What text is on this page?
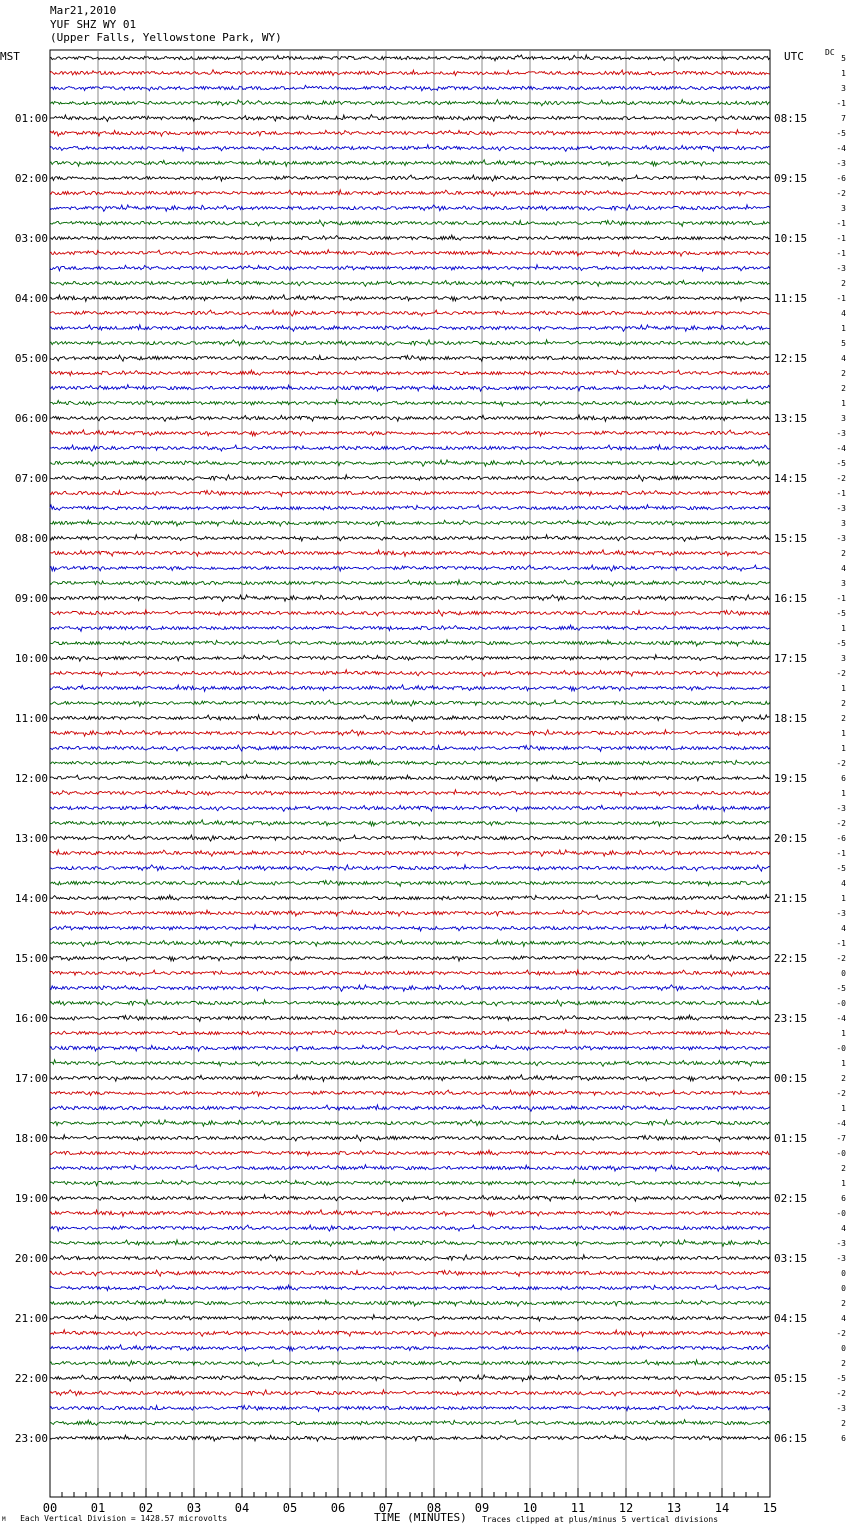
Mar21,2010
YUF SHZ WY 01
(Upper Falls, Yellowstone Park, WY)
MST	UTC	DC
5
1
3
-1
7
-5
-4
-3
-6
-2
3
-1
-1
-1
-3
2
-1
4
1
5
4
2
2
1
3
-3
-4
-5
-2
-1
-3
3
-3
2
4
3
-1
-5
1
-5
3
-2
1
2
2
1
1
-2
6
1
-3
-2
-6
-1
-5
4
1
-3
4
-1
-2
0
-5
-0
-4
1
-0
1
2
-2
1
-4
-7
-0
2
1
6
-0
4
-3
-3
0
0
2
4
-2
0
2
-5
-2
-3
2
6
01:00	08:15
02:00	09:15
03:00	10:15
04:00	11:15
05:00	12:15
06:00	13:15
07:00	14:15
08:00	15:15
09:00	16:15
10:00	17:15
11:00	18:15
12:00	19:15
13:00	20:15
14:00	21:15
15:00	22:15
16:00	23:15
17:00	00:15
18:00	01:15
19:00	02:15
20:00	03:15
21:00	04:15
22:00	05:15
23:00	06:15
00	01	02	03	04	05	06	07	08	09	10	11	12	13	14	15
M Each Vertical Division = 1428.57 microvolts	TIME (MINUTES) Traces clipped at plus/minus 5 vertical divisions
